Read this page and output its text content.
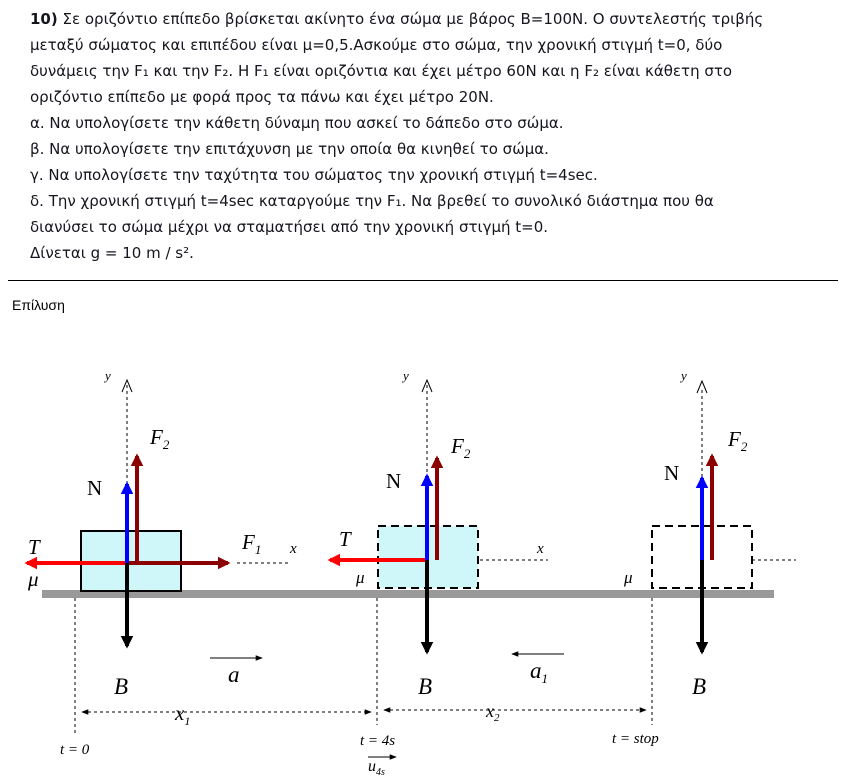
10) Σε οριζόντιο επίπεδο βρίσκεται ακίνητο ένα σώμα με βάρος Β=100Ν. Ο συντελεστής τριβής
μεταξύ σώματος και επιπέδου είναι μ=0,5.Ασκούμε στο σώμα, την χρονική στιγμή t=0, δύο
δυνάμεις την F₁ και την F₂. Η F₁ είναι οριζόντια και έχει μέτρο 60Ν και η F₂ είναι κάθετη στο
οριζόντιο επίπεδο με φορά προς τα πάνω και έχει μέτρο 20Ν.
α. Να υπολογίσετε την κάθετη δύναμη που ασκεί το δάπεδο στο σώμα.
β. Να υπολογίσετε την επιτάχυνση με την οποία θα κινηθεί το σώμα.
γ. Να υπολογίσετε την ταχύτητα του σώματος την χρονική στιγμή t=4sec.
δ. Την χρονική στιγμή t=4sec καταργούμε την F₁. Να βρεθεί το συνολικό διάστημα που θα
διανύσει το σώμα μέχρι να σταματήσει από την χρονική στιγμή t=0.
Δίνεται g = 10 m / s².
Επίλυση
y
x
$F_2$
N
T	$F_1$
μ
B	a
t = 0
y
x
$F_2$
N
T
μ
B
$a_1$
t = 4s
$u_{4s}$
y
$F_2$
N
μ
B
t = stop
$x_1$	$x_2$
